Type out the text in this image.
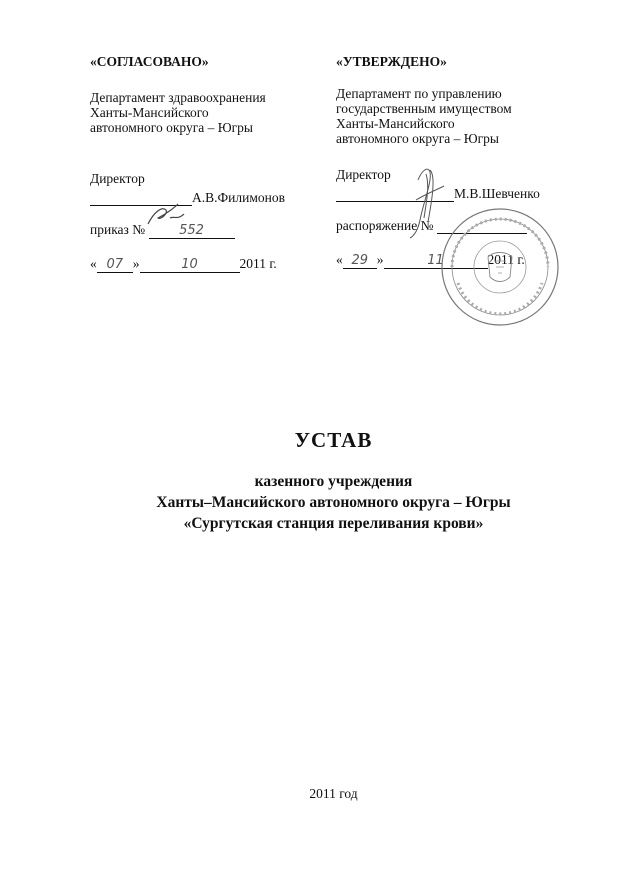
«СОГЛАСОВАНО»
Департамент здравоохранения
Ханты-Мансийского
автономного округа – Югры
Директор
А.В.Филимонов
приказ №	552
« 07 »	10	2011 г.
«УТВЕРЖДЕНО»
Департамент по управлению
государственным имуществом
Ханты-Мансийского
автономного округа – Югры
Директор
М.В.Шевченко
распоряжение №
« 29 »	11	2011 г.
УСТАВ
казенного учреждения
Ханты–Мансийского автономного округа – Югры
«Сургутская станция переливания крови»
2011 год
